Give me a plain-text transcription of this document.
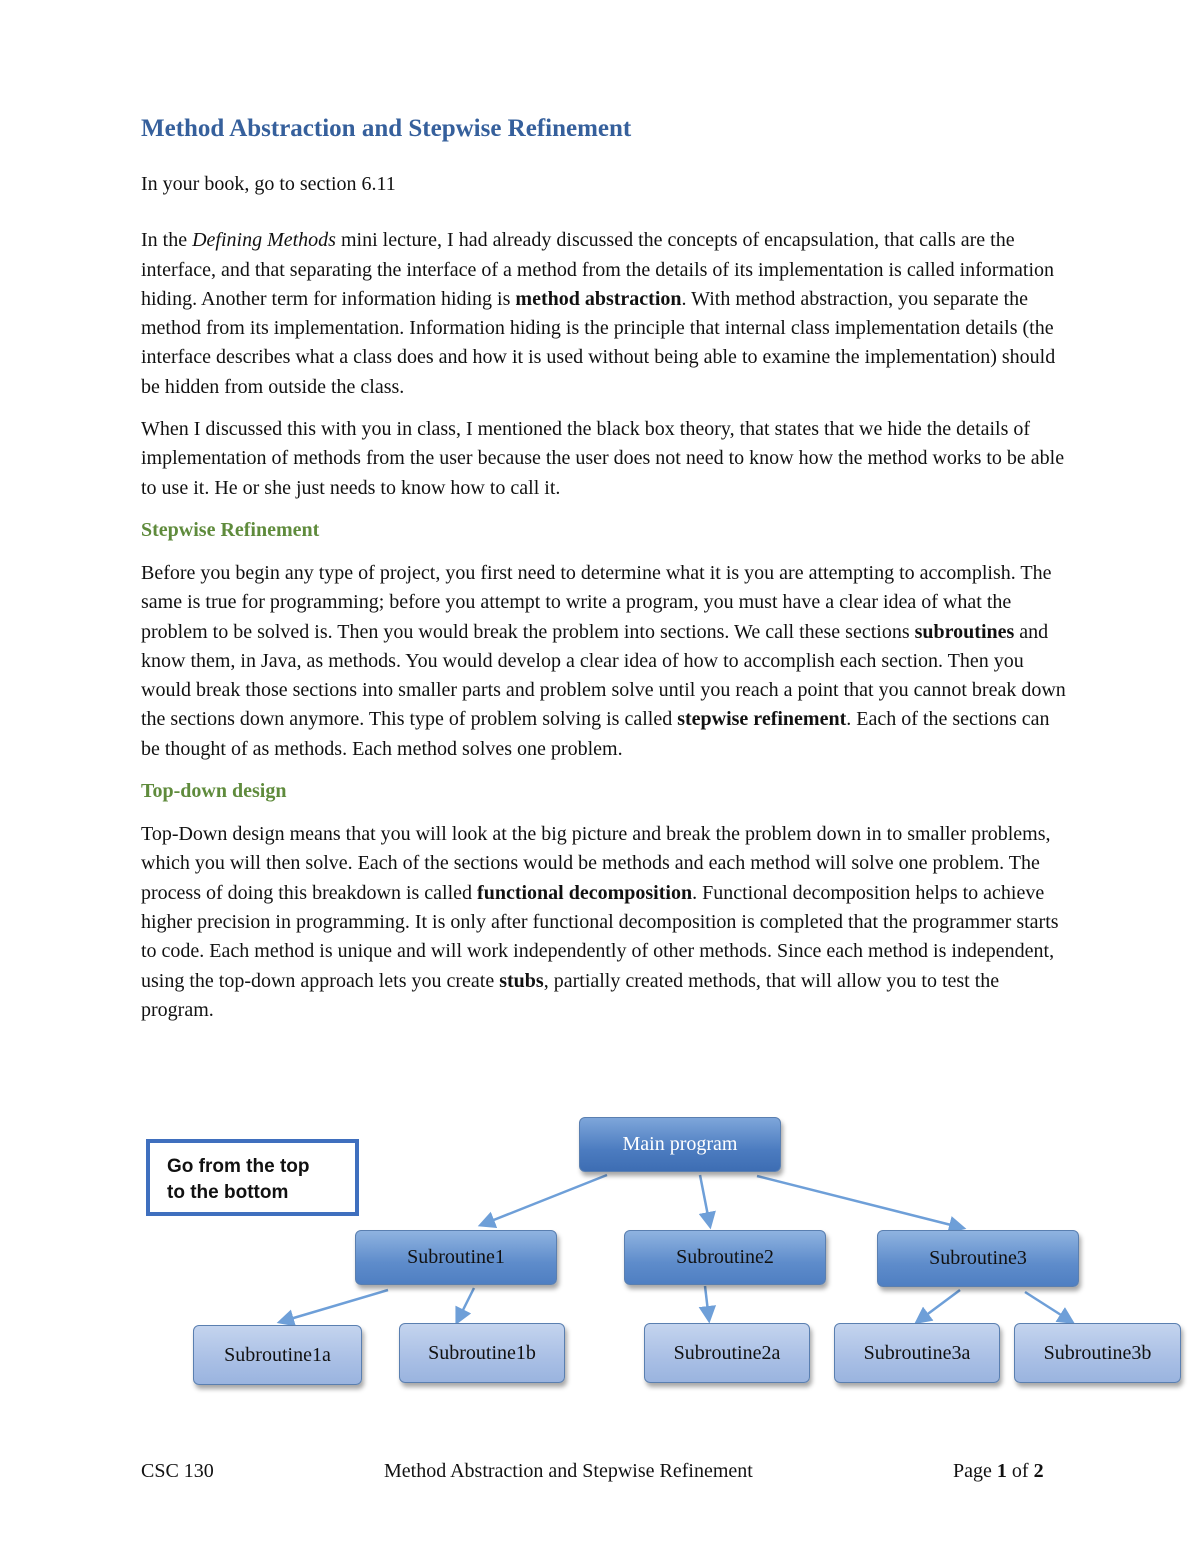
Method Abstraction and Stepwise Refinement

In your book, go to section 6.11

In the Defining Methods mini lecture, I had already discussed the concepts of encapsulation, that calls are the interface, and that separating the interface of a method from the details of its implementation is called information hiding. Another term for information hiding is method abstraction. With method abstraction, you separate the method from its implementation. Information hiding is the principle that internal class implementation details (the interface describes what a class does and how it is used without being able to examine the implementation) should be hidden from outside the class.

When I discussed this with you in class, I mentioned the black box theory, that states that we hide the details of implementation of methods from the user because the user does not need to know how the method works to be able to use it. He or she just needs to know how to call it.

Stepwise Refinement

Before you begin any type of project, you first need to determine what it is you are attempting to accomplish. The same is true for programming; before you attempt to write a program, you must have a clear idea of what the problem to be solved is. Then you would break the problem into sections. We call these sections subroutines and know them, in Java, as methods. You would develop a clear idea of how to accomplish each section. Then you would break those sections into smaller parts and problem solve until you reach a point that you cannot break down the sections down anymore. This type of problem solving is called stepwise refinement. Each of the sections can be thought of as methods. Each method solves one problem.

Top-down design

Top-Down design means that you will look at the big picture and break the problem down in to smaller problems, which you will then solve. Each of the sections would be methods and each method will solve one problem. The process of doing this breakdown is called functional decomposition. Functional decomposition helps to achieve higher precision in programming. It is only after functional decomposition is completed that the programmer starts to code. Each method is unique and will work independently of other methods. Since each method is independent, using the top-down approach lets you create stubs, partially created methods, that will allow you to test the program.

Go from the top
to the bottom
Main program
Subroutine1	Subroutine2	Subroutine3
Subroutine1a	Subroutine1b	Subroutine2a	Subroutine3a	Subroutine3b
CSC 130	Method Abstraction and Stepwise Refinement	Page 1 of 2
